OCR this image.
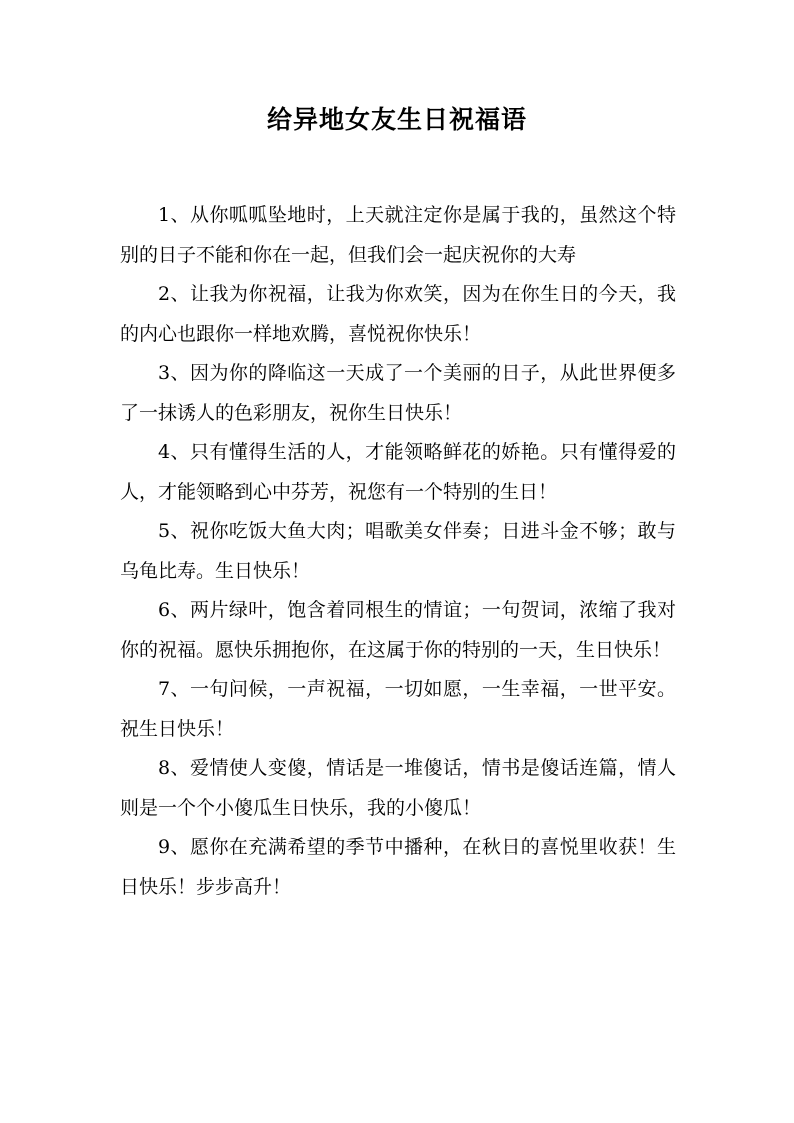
给异地女友生日祝福语

1、从你呱呱坠地时，上天就注定你是属于我的，虽然这个特别的日子不能和你在一起，但我们会一起庆祝你的大寿

2、让我为你祝福，让我为你欢笑，因为在你生日的今天，我的内心也跟你一样地欢腾，喜悦祝你快乐！

3、因为你的降临这一天成了一个美丽的日子，从此世界便多了一抹诱人的色彩朋友，祝你生日快乐！

4、只有懂得生活的人，才能领略鲜花的娇艳。只有懂得爱的人，才能领略到心中芬芳，祝您有一个特别的生日！

5、祝你吃饭大鱼大肉；唱歌美女伴奏；日进斗金不够；敢与乌龟比寿。生日快乐！

6、两片绿叶，饱含着同根生的情谊；一句贺词，浓缩了我对你的祝福。愿快乐拥抱你，在这属于你的特别的一天，生日快乐！

7、一句问候，一声祝福，一切如愿，一生幸福，一世平安。祝生日快乐！

8、爱情使人变傻，情话是一堆傻话，情书是傻话连篇，情人则是一个个小傻瓜生日快乐，我的小傻瓜！

9、愿你在充满希望的季节中播种，在秋日的喜悦里收获！生日快乐！步步高升！
